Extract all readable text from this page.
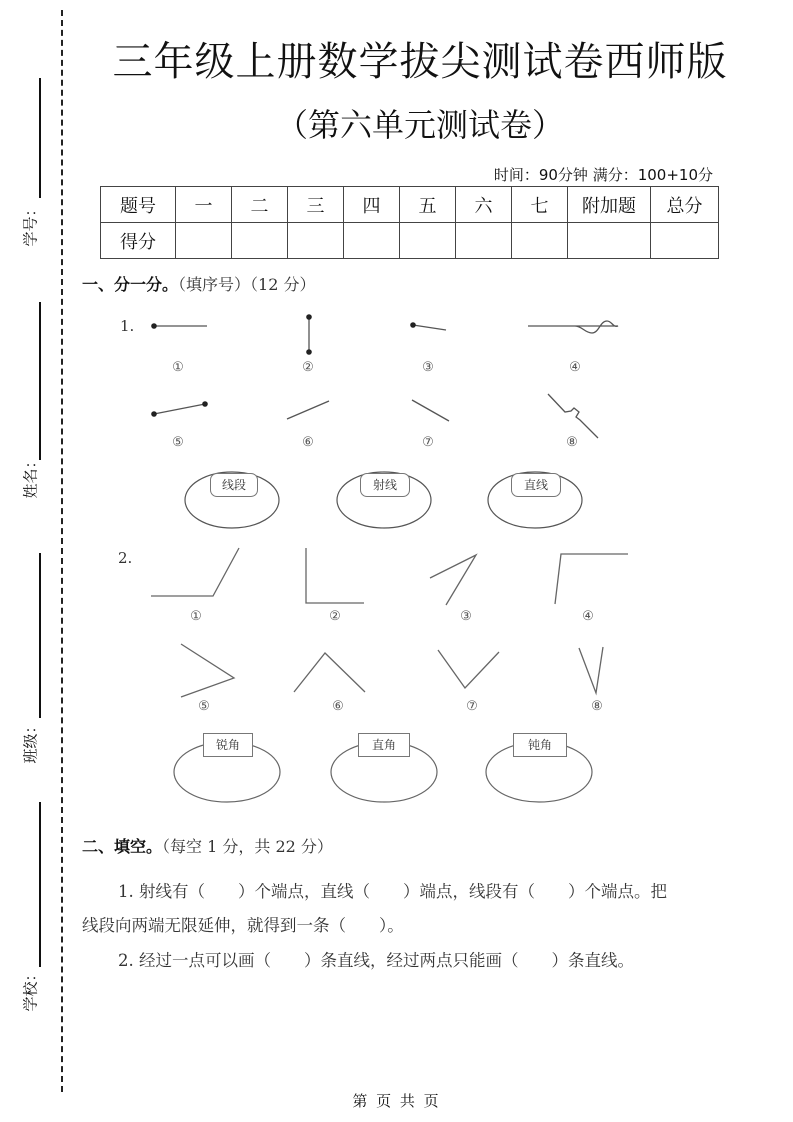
学号：
姓名：
班级：
学校：
三年级上册数学拔尖测试卷西师版
（第六单元测试卷）
时间：90分钟 满分：100+10分
题号	一	二	三	四	五	六	七	附加题	总分
得分									
一、分一分。（填序号）（12 分）
1.
①	②	③	④
⑤	⑥	⑦	⑧
线段	射线	直线
2.
①	②	③	④
⑤	⑥	⑦	⑧
锐角	直角	钝角
二、填空。（每空 1 分，共 22 分）
1. 射线有（　　）个端点，直线（　　）端点，线段有（　　）个端点。把
线段向两端无限延伸，就得到一条（　　）。
2. 经过一点可以画（　　）条直线，经过两点只能画（　　）条直线。
第 页 共 页
